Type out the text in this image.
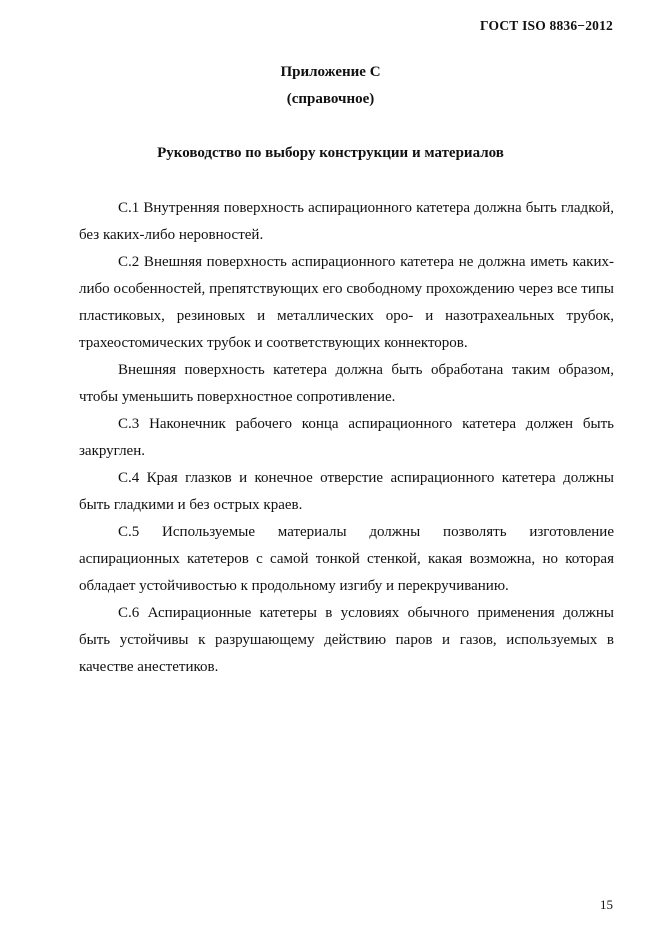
ГОСТ ISO 8836−2012
Приложение С
(справочное)
Руководство по выбору конструкции и материалов

С.1 Внутренняя поверхность аспирационного катетера должна быть гладкой, без каких-либо неровностей.

С.2 Внешняя поверхность аспирационного катетера не должна иметь каких-либо особенностей, препятствующих его свободному прохождению через все типы пластиковых, резиновых и металлических оро- и назотрахеальных трубок, трахеостомических трубок и соответствующих коннекторов.

Внешняя поверхность катетера должна быть обработана таким образом, чтобы уменьшить поверхностное сопротивление.

С.3 Наконечник рабочего конца аспирационного катетера должен быть закруглен.

С.4 Края глазков и конечное отверстие аспирационного катетера должны быть гладкими и без острых краев.

С.5 Используемые материалы должны позволять изготовление аспирационных катетеров с самой тонкой стенкой, какая возможна, но которая обладает устойчивостью к продольному изгибу и перекручиванию.

С.6 Аспирационные катетеры в условиях обычного применения должны быть устойчивы к разрушающему действию паров и газов, используемых в качестве анестетиков.

15
